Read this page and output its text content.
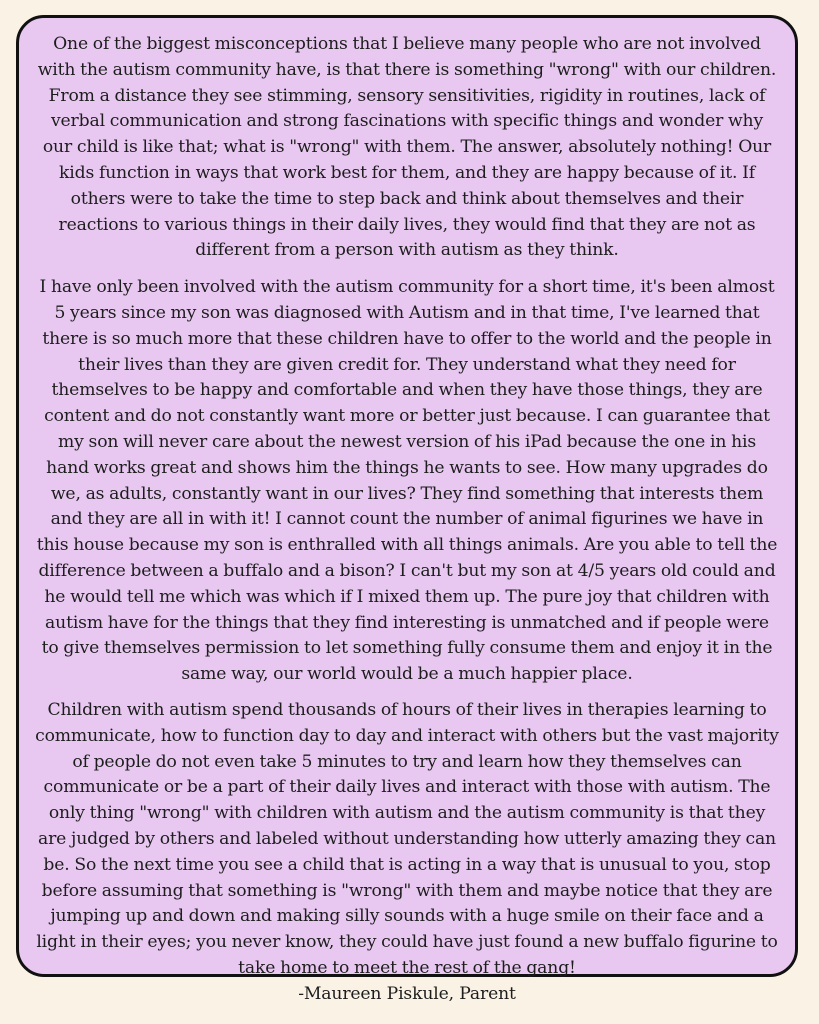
One of the biggest misconceptions that I believe many people who are not involved with the autism community have, is that there is something "wrong" with our children. From a distance they see stimming, sensory sensitivities, rigidity in routines, lack of verbal communication and strong fascinations with specific things and wonder why our child is like that; what is "wrong" with them. The answer, absolutely nothing! Our kids function in ways that work best for them, and they are happy because of it. If others were to take the time to step back and think about themselves and their reactions to various things in their daily lives, they would find that they are not as different from a person with autism as they think.

I have only been involved with the autism community for a short time, it's been almost 5 years since my son was diagnosed with Autism and in that time, I've learned that there is so much more that these children have to offer to the world and the people in their lives than they are given credit for. They understand what they need for themselves to be happy and comfortable and when they have those things, they are content and do not constantly want more or better just because. I can guarantee that my son will never care about the newest version of his iPad because the one in his hand works great and shows him the things he wants to see. How many upgrades do we, as adults, constantly want in our lives? They find something that interests them and they are all in with it! I cannot count the number of animal figurines we have in this house because my son is enthralled with all things animals. Are you able to tell the difference between a buffalo and a bison? I can't but my son at 4/5 years old could and he would tell me which was which if I mixed them up. The pure joy that children with autism have for the things that they find interesting is unmatched and if people were to give themselves permission to let something fully consume them and enjoy it in the same way, our world would be a much happier place.

Children with autism spend thousands of hours of their lives in therapies learning to communicate, how to function day to day and interact with others but the vast majority of people do not even take 5 minutes to try and learn how they themselves can communicate or be a part of their daily lives and interact with those with autism. The only thing "wrong" with children with autism and the autism community is that they are judged by others and labeled without understanding how utterly amazing they can be. So the next time you see a child that is acting in a way that is unusual to you, stop before assuming that something is "wrong" with them and maybe notice that they are jumping up and down and making silly sounds with a huge smile on their face and a light in their eyes; you never know, they could have just found a new buffalo figurine to take home to meet the rest of the gang!

-Maureen Piskule, Parent
